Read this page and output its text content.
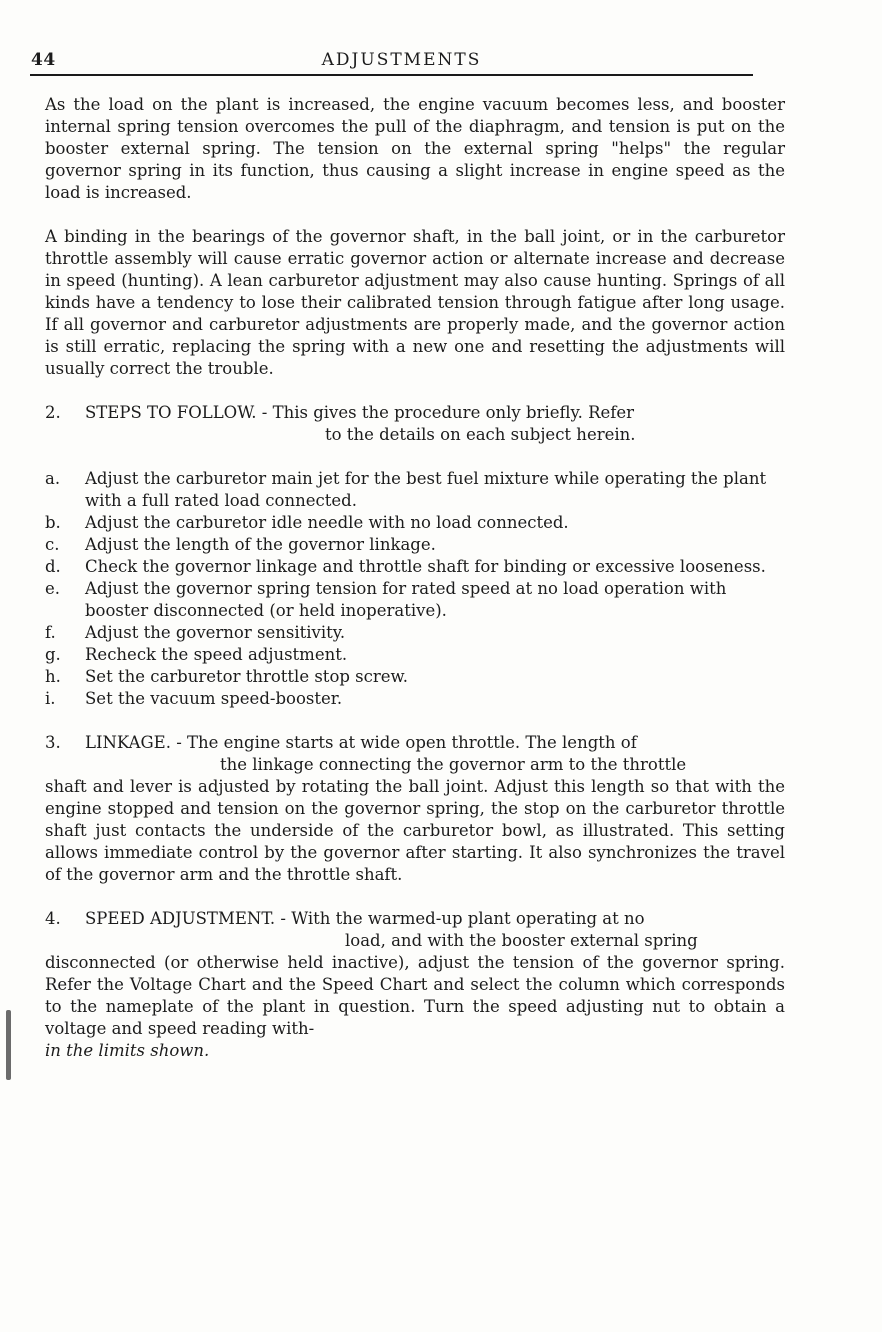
44	ADJUSTMENTS

As the load on the plant is increased, the engine vacuum becomes less, and booster internal spring tension overcomes the pull of the diaphragm, and tension is put on the booster external spring. The tension on the external spring "helps" the regular governor spring in its function, thus causing a slight increase in engine speed as the load is increased.

A binding in the bearings of the governor shaft, in the ball joint, or in the carburetor throttle assembly will cause erratic governor action or alternate increase and decrease in speed (hunting). A lean carburetor adjustment may also cause hunting. Springs of all kinds have a tendency to lose their calibrated tension through fatigue after long usage. If all governor and carburetor adjustments are properly made, and the governor action is still erratic, replacing the spring with a new one and resetting the adjustments will usually correct the trouble.

2.	STEPS TO FOLLOW. - This gives the procedure only briefly. Refer
to the details on each subject herein.
a.	Adjust the carburetor main jet for the best fuel mixture while operating the plant with a full rated load connected.
b.	Adjust the carburetor idle needle with no load connected.
c.	Adjust the length of the governor linkage.
d.	Check the governor linkage and throttle shaft for binding or excessive looseness.
e.	Adjust the governor spring tension for rated speed at no load operation with booster disconnected (or held inoperative).
f.	Adjust the governor sensitivity.
g.	Recheck the speed adjustment.
h.	Set the carburetor throttle stop screw.
i.	Set the vacuum speed-booster.
3.	LINKAGE. - The engine starts at wide open throttle. The length of
the linkage connecting the governor arm to the throttle
shaft and lever is adjusted by rotating the ball joint. Adjust this length so that with the engine stopped and tension on the governor spring, the stop on the carburetor throttle shaft just contacts the underside of the carburetor bowl, as illustrated. This setting allows immediate control by the governor after starting. It also synchronizes the travel of the governor arm and the throttle shaft.
4.	SPEED ADJUSTMENT. - With the warmed-up plant operating at no
load, and with the booster external spring
disconnected (or otherwise held inactive), adjust the tension of the governor spring. Refer the Voltage Chart and the Speed Chart and select the column which corresponds to the nameplate of the plant in question. Turn the speed adjusting nut to obtain a voltage and speed reading with-
in the limits shown.
